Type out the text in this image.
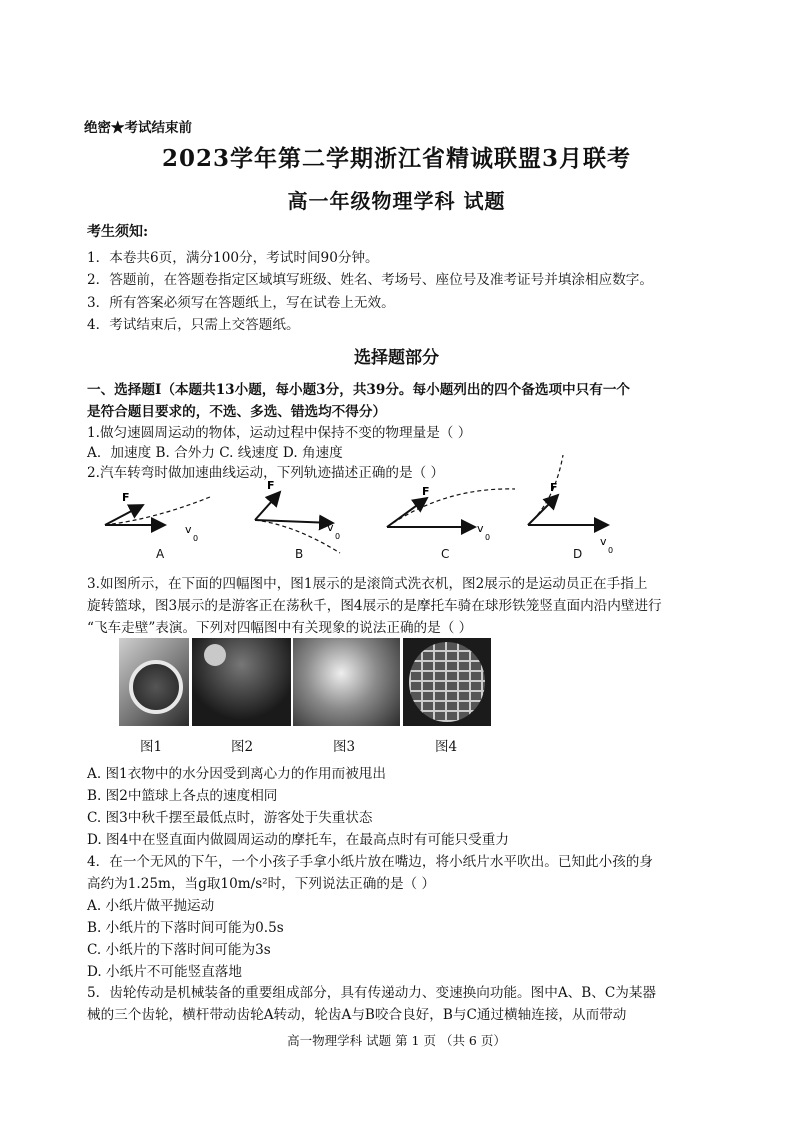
绝密★考试结束前
2023学年第二学期浙江省精诚联盟3月联考
高一年级物理学科 试题
考生须知:
1．本卷共6页，满分100分，考试时间90分钟。
2．答题前，在答题卷指定区域填写班级、姓名、考场号、座位号及准考证号并填涂相应数字。
3．所有答案必须写在答题纸上，写在试卷上无效。
4．考试结束后，只需上交答题纸。
选择题部分
一、选择题Ⅰ（本题共13小题，每小题3分，共39分。每小题列出的四个备选项中只有一个
是符合题目要求的，不选、多选、错选均不得分）
1.做匀速圆周运动的物体，运动过程中保持不变的物理量是（ ）
A．加速度 B. 合外力 C. 线速度 D. 角速度
2.汽车转弯时做加速曲线运动，下列轨迹描述正确的是（ ）
F
v
0
F
v
0
F
v
0
F
v
0
A	B	C	D
3.如图所示，在下面的四幅图中，图1展示的是滚筒式洗衣机，图2展示的是运动员正在手指上
旋转篮球，图3展示的是游客正在荡秋千，图4展示的是摩托车骑在球形铁笼竖直面内沿内壁进行
“飞车走壁”表演。下列对四幅图中有关现象的说法正确的是（ ）
图1	图2	图3	图4
A. 图1衣物中的水分因受到离心力的作用而被甩出
B. 图2中篮球上各点的速度相同
C. 图3中秋千摆至最低点时，游客处于失重状态
D. 图4中在竖直面内做圆周运动的摩托车，在最高点时有可能只受重力
4．在一个无风的下午，一个小孩子手拿小纸片放在嘴边，将小纸片水平吹出。已知此小孩的身
高约为1.25m，当g取10m/s²时，下列说法正确的是（ ）
A. 小纸片做平抛运动
B. 小纸片的下落时间可能为0.5s
C. 小纸片的下落时间可能为3s
D. 小纸片不可能竖直落地
5．齿轮传动是机械装备的重要组成部分，具有传递动力、变速换向功能。图中A、B、C为某器
械的三个齿轮，横杆带动齿轮A转动，轮齿A与B咬合良好，B与C通过横轴连接，从而带动
高一物理学科 试题 第 1 页 （共 6 页）
